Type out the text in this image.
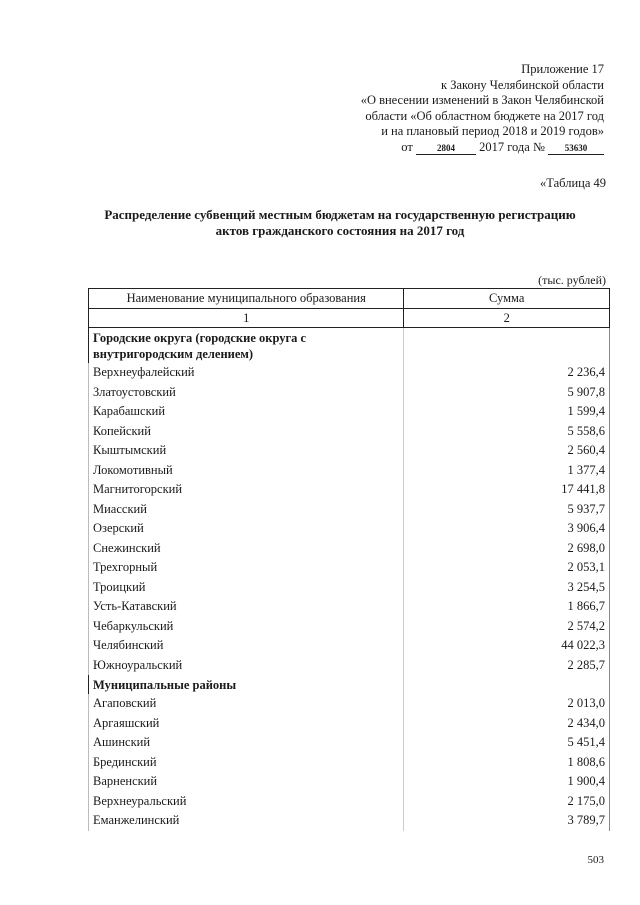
Приложение 17
к Закону Челябинской области
«О внесении изменений в Закон Челябинской
области «Об областном бюджете на 2017 год
и на плановый период 2018 и 2019 годов»
от	2804 2017 года № 53630
«Таблица 49
Распределение субвенций местным бюджетам на государственную регистрацию
актов гражданского состояния на 2017 год
(тыс. рублей)
Наименование муниципального образования	Сумма
1	2
Городские округа (городские округа с внутригородским делением)	
Верхнеуфалейский	2 236,4
Златоустовский	5 907,8
Карабашский	1 599,4
Копейский	5 558,6
Кыштымский	2 560,4
Локомотивный	1 377,4
Магнитогорский	17 441,8
Миасский	5 937,7
Озерский	3 906,4
Снежинский	2 698,0
Трехгорный	2 053,1
Троицкий	3 254,5
Усть-Катавский	1 866,7
Чебаркульский	2 574,2
Челябинский	44 022,3
Южноуральский	2 285,7
Муниципальные районы	
Агаповский	2 013,0
Аргаяшский	2 434,0
Ашинский	5 451,4
Брединский	1 808,6
Варненский	1 900,4
Верхнеуральский	2 175,0
Еманжелинский	3 789,7
503
